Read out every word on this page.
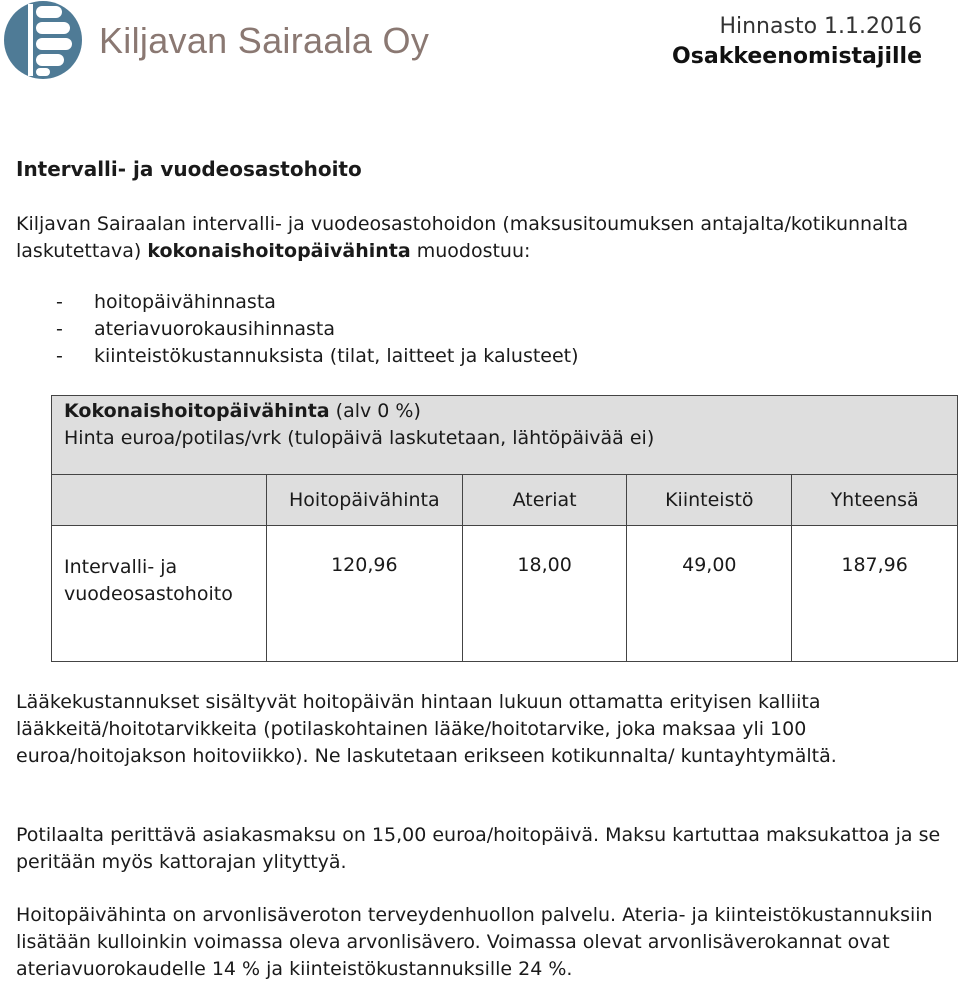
Kiljavan Sairaala Oy	Hinnasto 1.1.2016
Osakkeenomistajille
Intervalli- ja vuodeosastohoito
Kiljavan Sairaalan intervalli- ja vuodeosastohoidon (maksusitoumuksen antajalta/kotikunnalta laskutettava) kokonaishoitopäivähinta muodostuu:
- hoitopäivähinnasta
- ateriavuorokausihinnasta
- kiinteistökustannuksista (tilat, laitteet ja kalusteet)
Kokonaishoitopäivähinta (alv 0 %)
Hinta euroa/potilas/vrk (tulopäivä laskutetaan, lähtöpäivää ei)				

	Hoitopäivähinta	Ateriat	Kiinteistö	Yhteensä
Intervalli- ja vuodeosastohoito	120,96	18,00	49,00	187,96

Lääkekustannukset sisältyvät hoitopäivän hintaan lukuun ottamatta erityisen kalliita lääkkeitä/hoitotarvikkeita (potilaskohtainen lääke/hoitotarvike, joka maksaa yli 100 euroa/hoitojakson hoitoviikko). Ne laskutetaan erikseen kotikunnalta/ kuntayhtymältä.

Potilaalta perittävä asiakasmaksu on 15,00 euroa/hoitopäivä. Maksu kartuttaa maksukattoa ja se peritään myös kattorajan ylityttyä.

Hoitopäivähinta on arvonlisäveroton terveydenhuollon palvelu. Ateria- ja kiinteistökustannuksiin lisätään kulloinkin voimassa oleva arvonlisävero. Voimassa olevat arvonlisäverokannat ovat ateriavuorokaudelle 14 % ja kiinteistökustannuksille 24 %.
